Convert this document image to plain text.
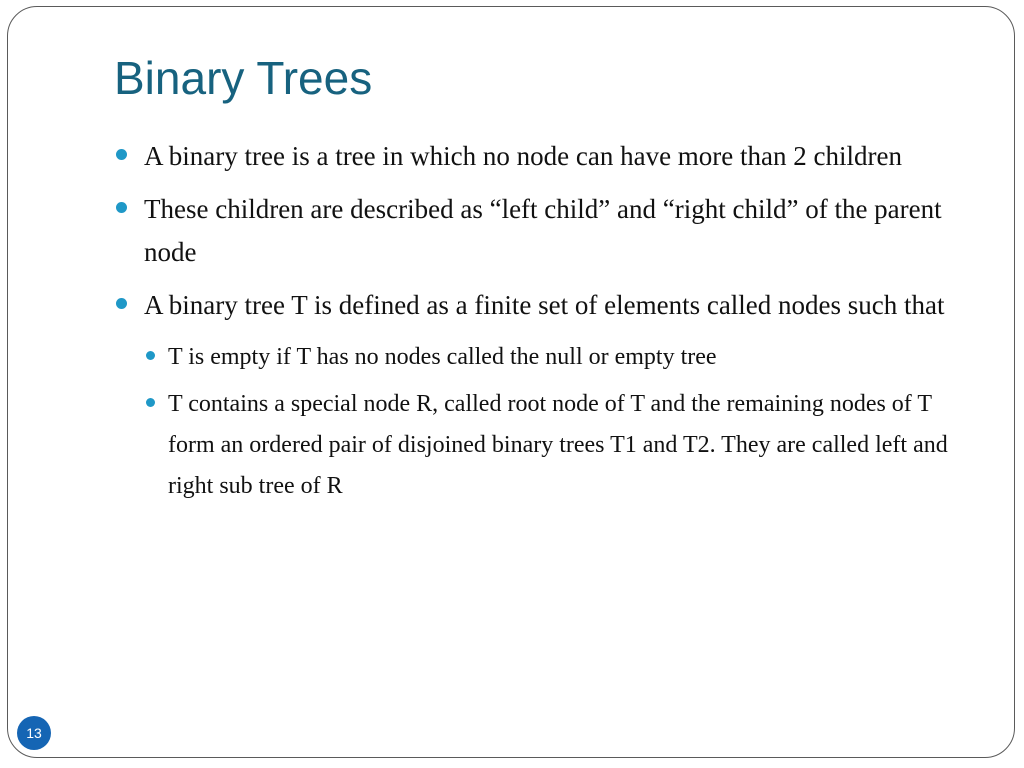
Binary Trees
A binary tree is a tree in which no node can have more than 2 children
These children are described as “left child” and “right child” of the parent node
A binary tree T is defined as a finite set of elements called nodes such that
T is empty if T has no nodes called the null or empty tree
T contains a special node R, called root node of T and the remaining nodes of T form an ordered pair of disjoined binary trees T1 and T2. They are called left and right sub tree of R
13
